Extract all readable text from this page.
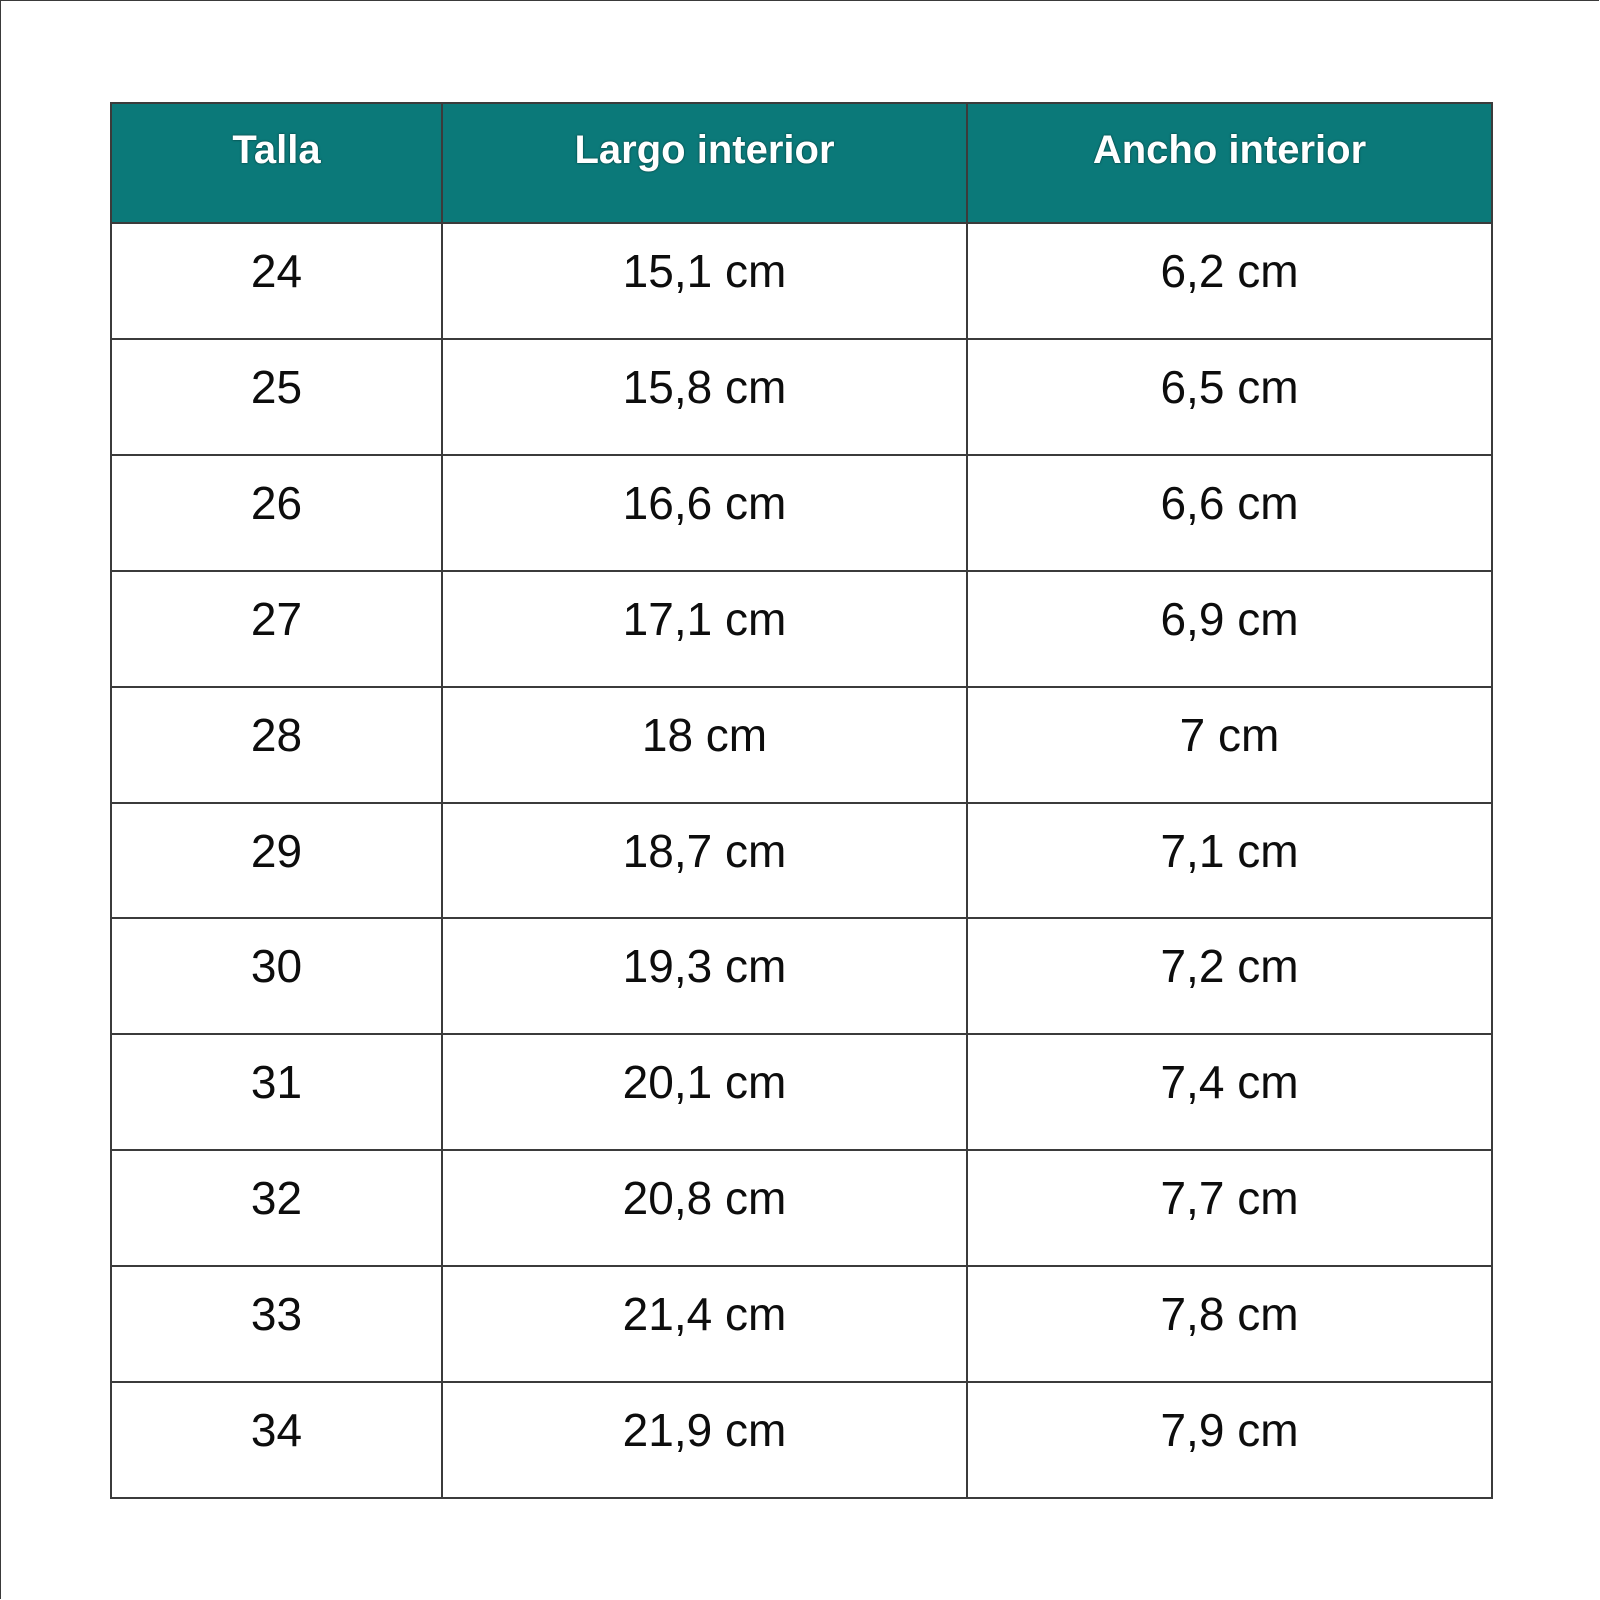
Talla	Largo interior	Ancho interior
24	15,1 cm	6,2 cm
25	15,8 cm	6,5 cm
26	16,6 cm	6,6 cm
27	17,1 cm	6,9 cm
28	18 cm	7 cm
29	18,7 cm	7,1 cm
30	19,3 cm	7,2 cm
31	20,1 cm	7,4 cm
32	20,8 cm	7,7 cm
33	21,4 cm	7,8 cm
34	21,9 cm	7,9 cm
